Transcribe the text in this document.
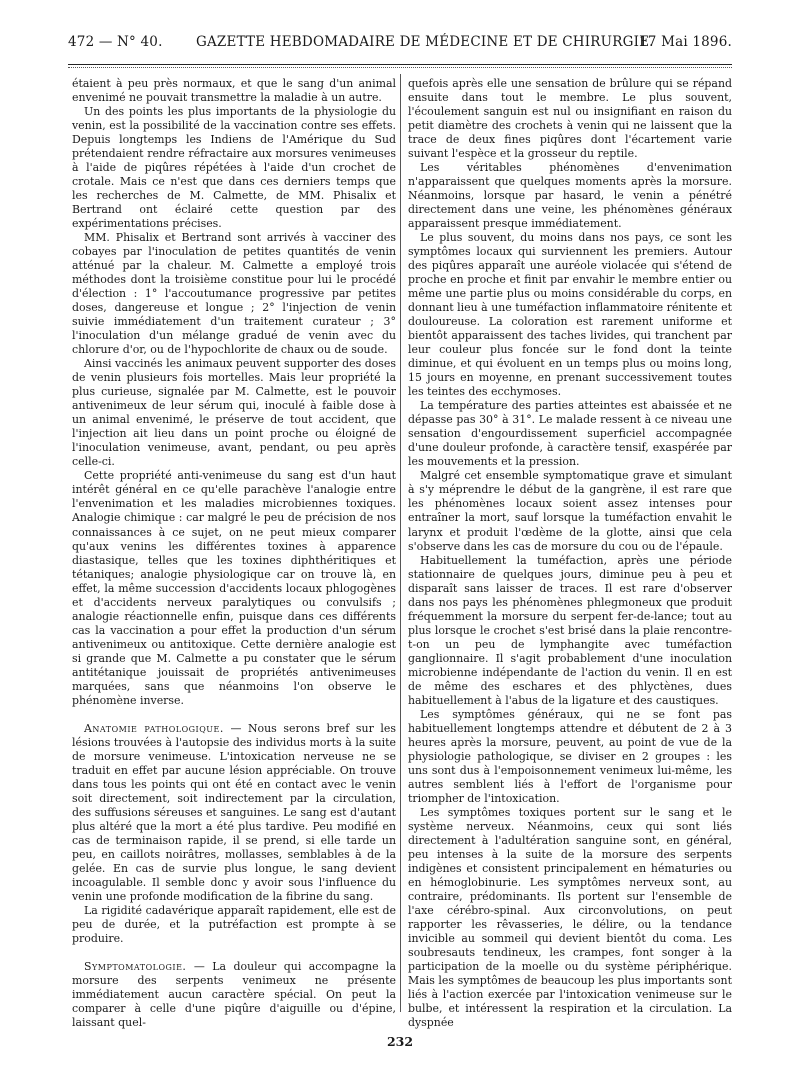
472 — N° 40. GAZETTE HEBDOMADAIRE DE MÉDECINE ET DE CHIRURGIE.
17 Mai 1896.

étaient à peu près normaux, et que le sang d'un animal envenimé ne pouvait transmettre la maladie à un autre.

Un des points les plus importants de la physiologie du venin, est la possibilité de la vaccination contre ses effets. Depuis longtemps les Indiens de l'Amérique du Sud prétendaient rendre réfractaire aux morsures venimeuses à l'aide de piqûres répétées à l'aide d'un crochet de crotale. Mais ce n'est que dans ces derniers temps que les recherches de M. Calmette, de MM. Phisalix et Bertrand ont éclairé cette question par des expérimentations précises.

MM. Phisalix et Bertrand sont arrivés à vacciner des cobayes par l'inoculation de petites quantités de venin atténué par la chaleur. M. Calmette a employé trois méthodes dont la troisième constitue pour lui le procédé d'élection : 1° l'accoutumance progressive par petites doses, dangereuse et longue ; 2° l'injection de venin suivie immédiatement d'un traitement curateur ; 3° l'inoculation d'un mélange gradué de venin avec du chlorure d'or, ou de l'hypochlorite de chaux ou de soude.

Ainsi vaccinés les animaux peuvent supporter des doses de venin plusieurs fois mortelles. Mais leur propriété la plus curieuse, signalée par M. Calmette, est le pouvoir antivenimeux de leur sérum qui, inoculé à faible dose à un animal envenimé, le préserve de tout accident, que l'injection ait lieu dans un point proche ou éloigné de l'inoculation venimeuse, avant, pendant, ou peu après celle-ci.

Cette propriété anti-venimeuse du sang est d'un haut intérêt général en ce qu'elle parachève l'analogie entre l'envenimation et les maladies microbiennes toxiques. Analogie chimique : car malgré le peu de précision de nos connaissances à ce sujet, on ne peut mieux comparer qu'aux venins les différentes toxines à apparence diastasique, telles que les toxines diphthéritiques et tétaniques; analogie physiologique car on trouve là, en effet, la même succession d'accidents locaux phlogogènes et d'accidents nerveux paralytiques ou convulsifs ; analogie réactionnelle enfin, puisque dans ces différents cas la vaccination a pour effet la production d'un sérum antivenimeux ou antitoxique. Cette dernière analogie est si grande que M. Calmette a pu constater que le sérum antitétanique jouissait de propriétés antivenimeuses marquées, sans que néanmoins l'on observe le phénomène inverse.

Anatomie pathologique. — Nous serons bref sur les lésions trouvées à l'autopsie des individus morts à la suite de morsure venimeuse. L'intoxication nerveuse ne se traduit en effet par aucune lésion appréciable. On trouve dans tous les points qui ont été en contact avec le venin soit directement, soit indirectement par la circulation, des suffusions séreuses et sanguines. Le sang est d'autant plus altéré que la mort a été plus tardive. Peu modifié en cas de terminaison rapide, il se prend, si elle tarde un peu, en caillots noirâtres, mollasses, semblables à de la gelée. En cas de survie plus longue, le sang devient incoagulable. Il semble donc y avoir sous l'influence du venin une profonde modification de la fibrine du sang.

La rigidité cadavérique apparaît rapidement, elle est de peu de durée, et la putréfaction est prompte à se produire.

Symptomatologie. — La douleur qui accompagne la morsure des serpents venimeux ne présente immédiatement aucun caractère spécial. On peut la comparer à celle d'une piqûre d'aiguille ou d'épine, laissant quel-

quefois après elle une sensation de brûlure qui se répand ensuite dans tout le membre. Le plus souvent, l'écoulement sanguin est nul ou insignifiant en raison du petit diamètre des crochets à venin qui ne laissent que la trace de deux fines piqûres dont l'écartement varie suivant l'espèce et la grosseur du reptile.

Les véritables phénomènes d'envenimation n'apparaissent que quelques moments après la morsure. Néanmoins, lorsque par hasard, le venin a pénétré directement dans une veine, les phénomènes généraux apparaissent presque immédiatement.

Le plus souvent, du moins dans nos pays, ce sont les symptômes locaux qui surviennent les premiers. Autour des piqûres apparaît une auréole violacée qui s'étend de proche en proche et finit par envahir le membre entier ou même une partie plus ou moins considérable du corps, en donnant lieu à une tuméfaction inflammatoire rénitente et douloureuse. La coloration est rarement uniforme et bientôt apparaissent des taches livides, qui tranchent par leur couleur plus foncée sur le fond dont la teinte diminue, et qui évoluent en un temps plus ou moins long, 15 jours en moyenne, en prenant successivement toutes les teintes des ecchymoses.

La température des parties atteintes est abaissée et ne dépasse pas 30° à 31°. Le malade ressent à ce niveau une sensation d'engourdissement superficiel accompagnée d'une douleur profonde, à caractère tensif, exaspérée par les mouvements et la pression.

Malgré cet ensemble symptomatique grave et simulant à s'y méprendre le début de la gangrène, il est rare que les phénomènes locaux soient assez intenses pour entraîner la mort, sauf lorsque la tuméfaction envahit le larynx et produit l'œdème de la glotte, ainsi que cela s'observe dans les cas de morsure du cou ou de l'épaule.

Habituellement la tuméfaction, après une période stationnaire de quelques jours, diminue peu à peu et disparaît sans laisser de traces. Il est rare d'observer dans nos pays les phénomènes phlegmoneux que produit fréquemment la morsure du serpent fer-de-lance; tout au plus lorsque le crochet s'est brisé dans la plaie rencontre-t-on un peu de lymphangite avec tuméfaction ganglionnaire. Il s'agit probablement d'une inoculation microbienne indépendante de l'action du venin. Il en est de même des eschares et des phlyctènes, dues habituellement à l'abus de la ligature et des caustiques.

Les symptômes généraux, qui ne se font pas habituellement longtemps attendre et débutent de 2 à 3 heures après la morsure, peuvent, au point de vue de la physiologie pathologique, se diviser en 2 groupes : les uns sont dus à l'empoisonnement venimeux lui-même, les autres semblent liés à l'effort de l'organisme pour triompher de l'intoxication.

Les symptômes toxiques portent sur le sang et le système nerveux. Néanmoins, ceux qui sont liés directement à l'adultération sanguine sont, en général, peu intenses à la suite de la morsure des serpents indigènes et consistent principalement en hématuries ou en hémoglobinurie. Les symptômes nerveux sont, au contraire, prédominants. Ils portent sur l'ensemble de l'axe cérébro-spinal. Aux circonvolutions, on peut rapporter les rêvasseries, le délire, ou la tendance invicible au sommeil qui devient bientôt du coma. Les soubresauts tendineux, les crampes, font songer à la participation de la moelle ou du système périphérique. Mais les symptômes de beaucoup les plus importants sont liés à l'action exercée par l'intoxication venimeuse sur le bulbe, et intéressent la respiration et la circulation. La dyspnée

232
